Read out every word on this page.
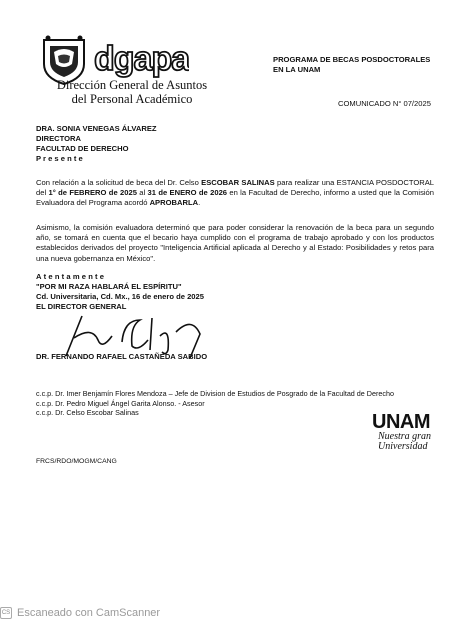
dgapa
Dirección General de Asuntos
del Personal Académico
PROGRAMA DE BECAS POSDOCTORALES
EN LA UNAM
COMUNICADO N° 07/2025
DRA. SONIA VENEGAS ÁLVAREZ
DIRECTORA
FACULTAD DE DERECHO
P r e s e n t e
Con relación a la solicitud de beca del Dr. Celso ESCOBAR SALINAS para realizar una ESTANCIA POSDOCTORAL del 1° de FEBRERO de 2025 al 31 de ENERO de 2026 en la Facultad de Derecho, informo a usted que la Comisión Evaluadora del Programa acordó APROBARLA.
Asimismo, la comisión evaluadora determinó que para poder considerar la renovación de la beca para un segundo año, se tomará en cuenta que el becario haya cumplido con el programa de trabajo aprobado y con los productos establecidos derivados del proyecto "Inteligencia Artificial aplicada al Derecho y al Estado: Posibilidades y retos para una nueva gobernanza en México".
Atentamente
"POR MI RAZA HABLARÁ EL ESPÍRITU"
Cd. Universitaria, Cd. Mx., 16 de enero de 2025
EL DIRECTOR GENERAL
DR. FERNANDO RAFAEL CASTAÑEDA SABIDO
c.c.p. Dr. Imer Benjamín Flores Mendoza – Jefe de Division de Estudios de Posgrado de la Facultad de Derecho
c.c.p. Dr. Pedro Miguel Ángel Garita Alonso. - Asesor
c.c.p. Dr. Celso Escobar Salinas	UNAM
Nuestra gran
Universidad
FRCS/RDO/MOGM/CANG
CS Escaneado con CamScanner
